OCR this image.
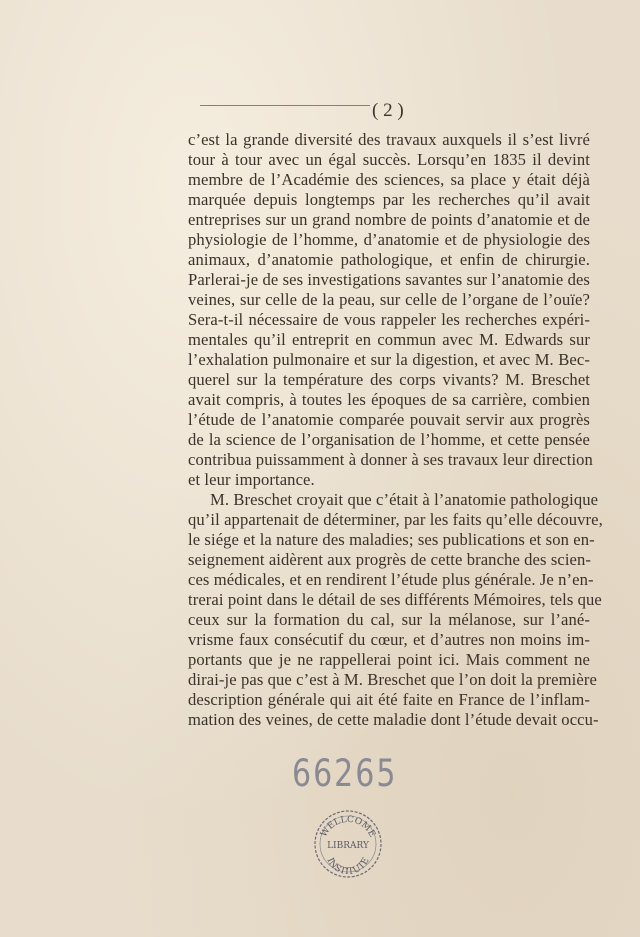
( 2 )
c’est la grande diversité des travaux auxquels il s’est livré
tour à tour avec un égal succès. Lorsqu’en 1835 il devint
membre de l’Académie des sciences, sa place y était déjà
marquée depuis longtemps par les recherches qu’il avait
entreprises sur un grand nombre de points d’anatomie et de
physiologie de l’homme, d’anatomie et de physiologie des
animaux, d’anatomie pathologique, et enfin de chirurgie.
Parlerai-je de ses investigations savantes sur l’anatomie des
veines, sur celle de la peau, sur celle de l’organe de l’ouïe?
Sera-t-il nécessaire de vous rappeler les recherches expéri-
mentales qu’il entreprit en commun avec M. Edwards sur
l’exhalation pulmonaire et sur la digestion, et avec M. Bec-
querel sur la température des corps vivants? M. Breschet
avait compris, à toutes les époques de sa carrière, combien
l’étude de l’anatomie comparée pouvait servir aux progrès
de la science de l’organisation de l’homme, et cette pensée
contribua puissamment à donner à ses travaux leur direction
et leur importance.
M. Breschet croyait que c’était à l’anatomie pathologique
qu’il appartenait de déterminer, par les faits qu’elle découvre,
le siége et la nature des maladies; ses publications et son en-
seignement aidèrent aux progrès de cette branche des scien-
ces médicales, et en rendirent l’étude plus générale. Je n’en-
trerai point dans le détail de ses différents Mémoires, tels que
ceux sur la formation du cal, sur la mélanose, sur l’ané-
vrisme faux consécutif du cœur, et d’autres non moins im-
portants que je ne rappellerai point ici. Mais comment ne
dirai-je pas que c’est à M. Breschet que l’on doit la première
description générale qui ait été faite en France de l’inflam-
mation des veines, de cette maladie dont l’étude devait occu-
66265
WELLCOME
LIBRARY
INSTITUTE
